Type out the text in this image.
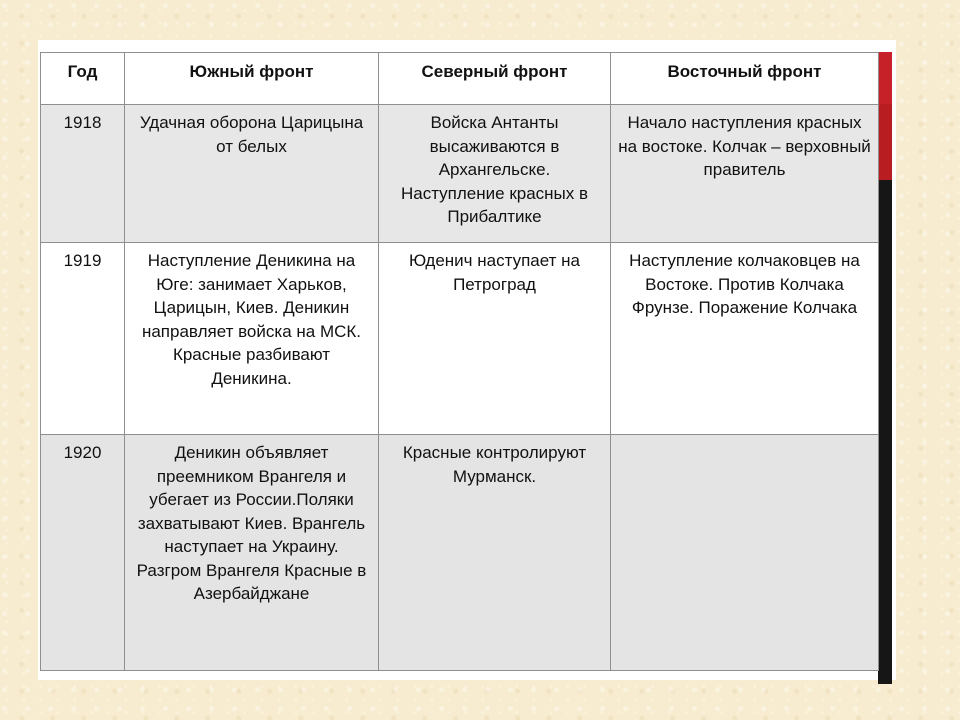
Год	Южный фронт	Северный фронт	Восточный фронт
1918	Удачная оборона Царицына от белых	Войска Антанты высаживаются в Архангельске. Наступление красных в Прибалтике	Начало наступления красных на востоке. Колчак – верховный правитель
1919	Наступление Деникина на Юге: занимает Харьков, Царицын, Киев. Деникин направляет войска на МСК. Красные разбивают Деникина.	Юденич наступает на Петроград	Наступление колчаковцев на Востоке. Против Колчака Фрунзе. Поражение Колчака
1920	Деникин объявляет преемником Врангеля и убегает из России.Поляки захватывают Киев. Врангель наступает на Украину. Разгром Врангеля Красные в Азербайджане	Красные контролируют Мурманск.	
